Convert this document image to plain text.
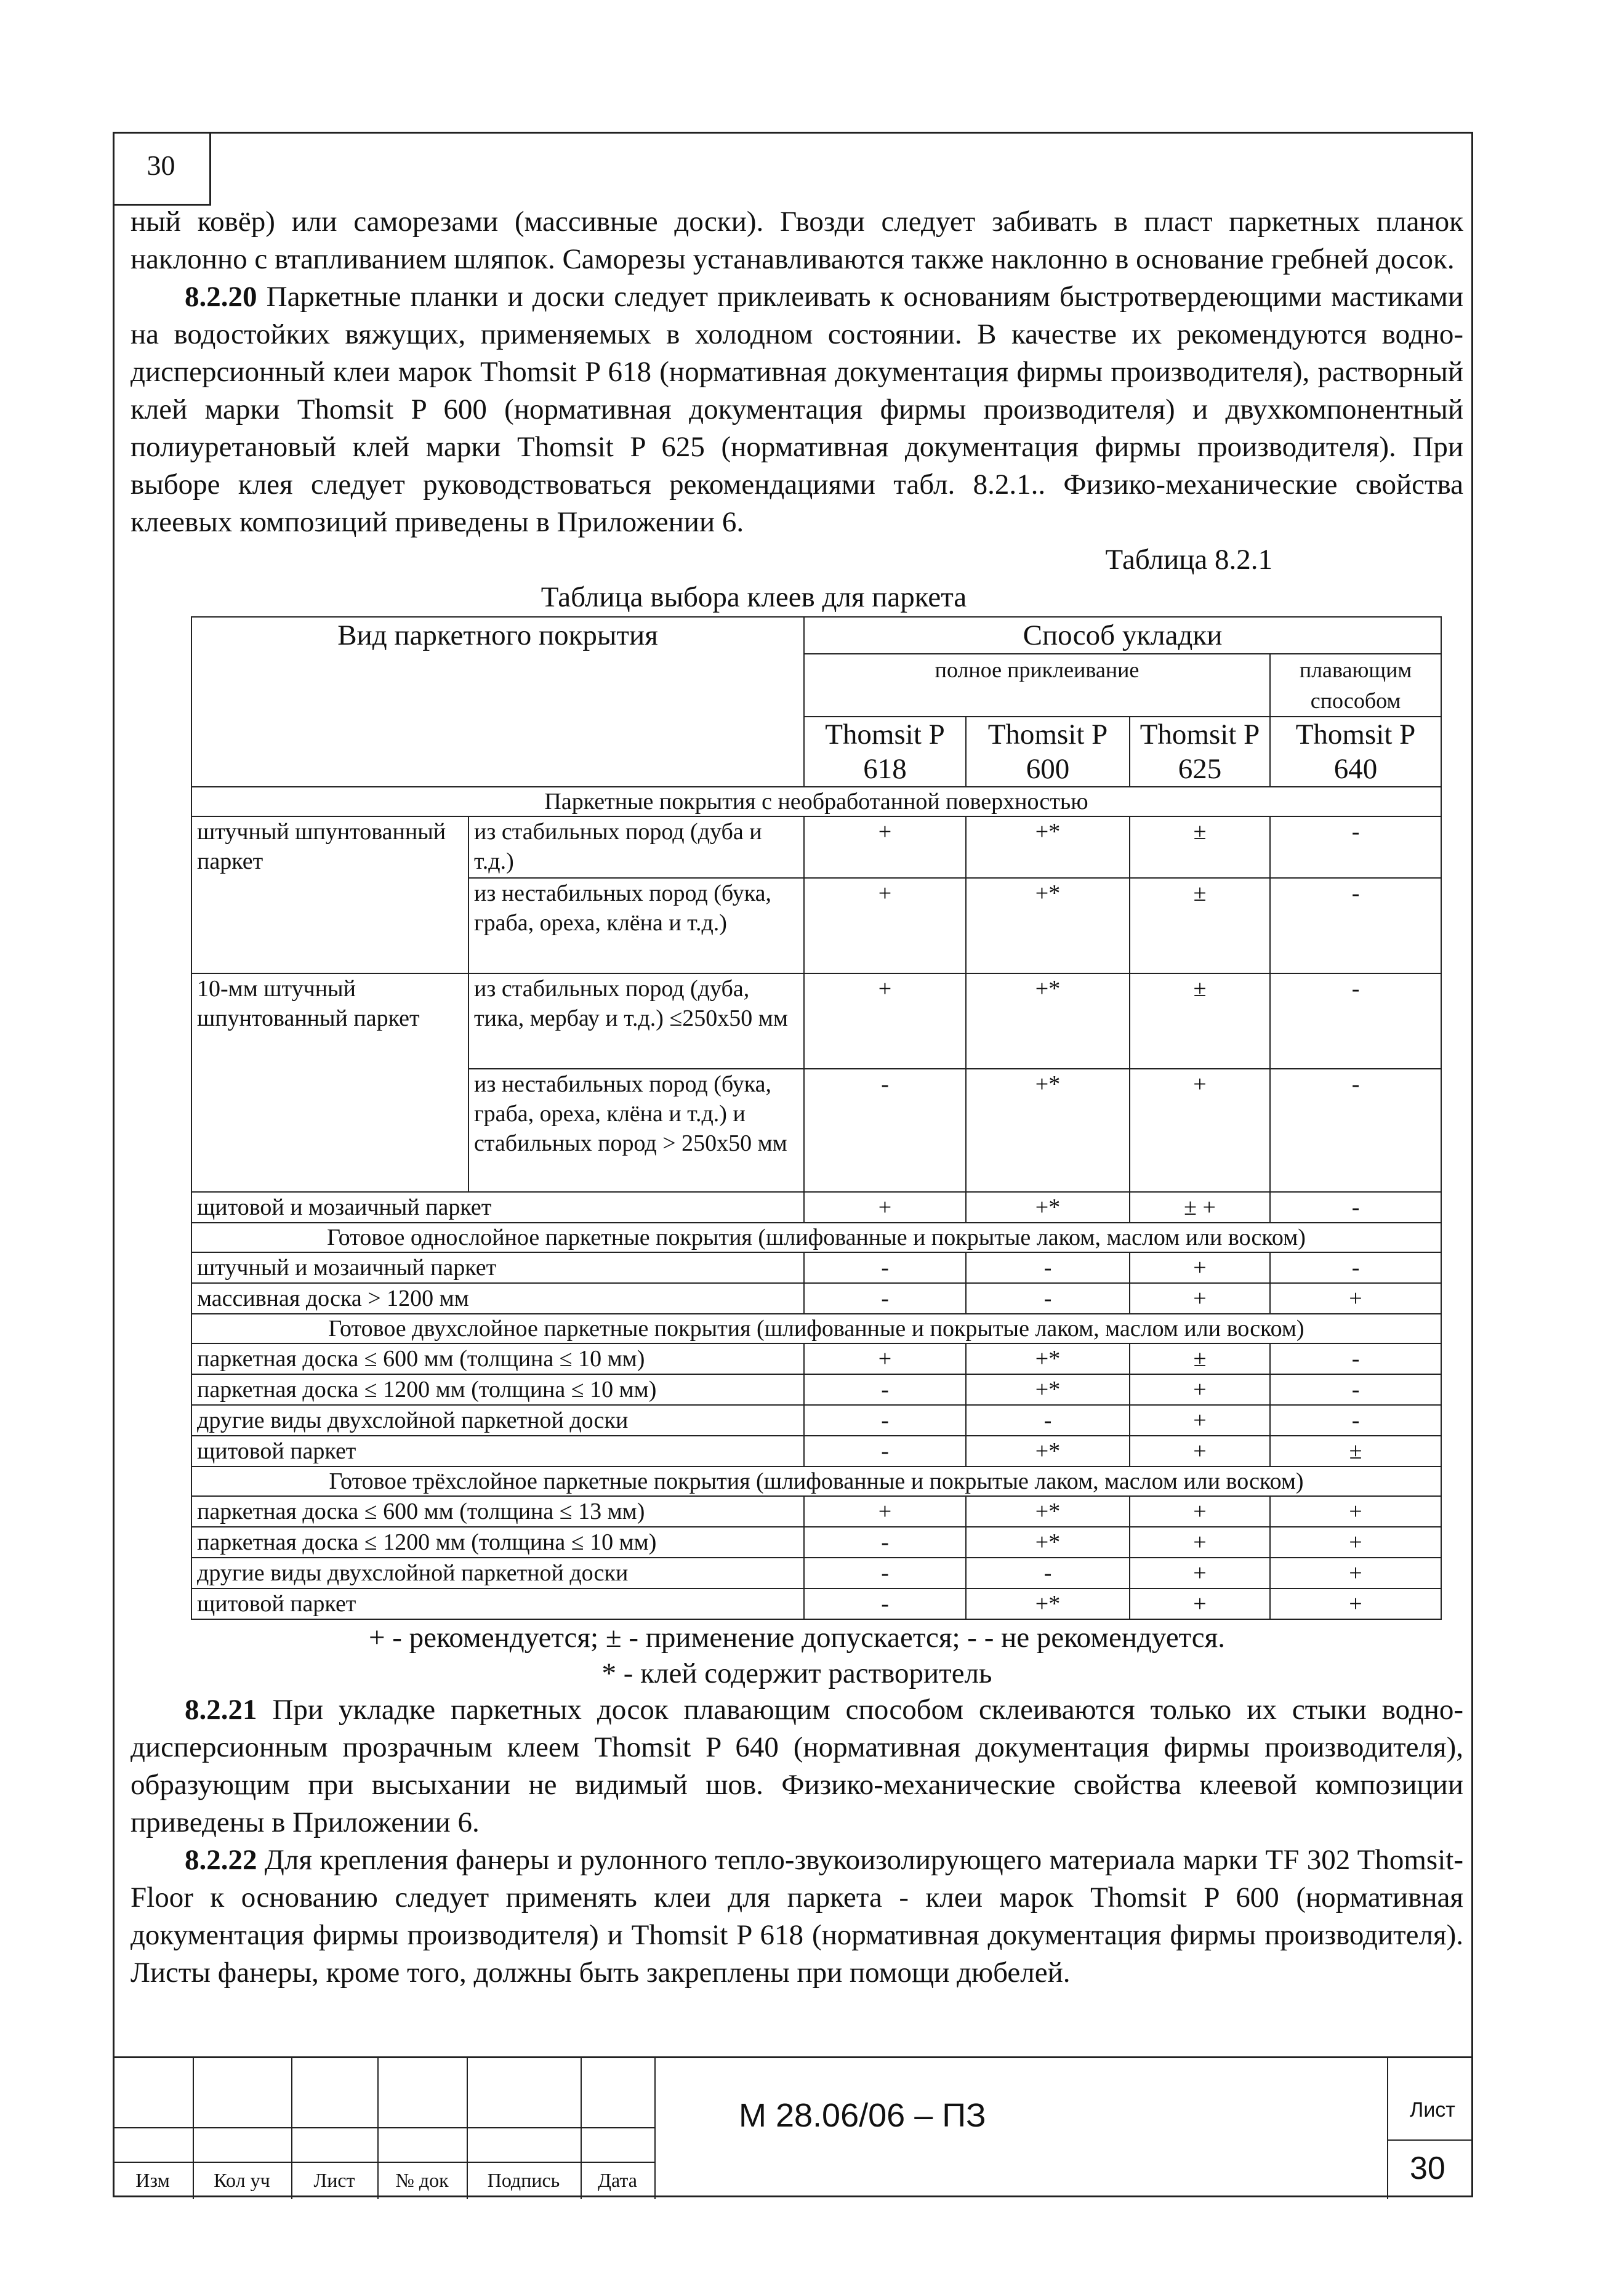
30

ный ковёр) или саморезами (массивные доски). Гвозди следует забивать в пласт паркетных планок наклонно с втапливанием шляпок. Саморезы устанавливаются также наклонно в основание гребней досок.

8.2.20 Паркетные планки и доски следует приклеивать к основаниям быстротвердеющими мастиками на водостойких вяжущих, применяемых в холодном состоянии. В качестве их рекомендуются водно-дисперсионный клеи марок Thomsit P 618 (нормативная документация фирмы производителя), растворный клей марки Thomsit P 600 (нормативная документация фирмы производителя) и двухкомпонентный полиуретановый клей марки Thomsit P 625 (нормативная документация фирмы производителя). При выборе клея следует руководствоваться рекомендациями табл. 8.2.1.. Физико-механические свойства клеевых композиций приведены в Приложении 6.

Таблица 8.2.1

Таблица выбора клеев для паркета

Вид паркетного покрытия		Способ укладки			
		полное приклеивание			плавающим способом
		Thomsit P 618	Thomsit P 600	Thomsit P 625	Thomsit P 640
Паркетные покрытия с необработанной поверхностью					
штучный шпунтованный паркет	из стабильных пород (дуба и т.д.)	+	+*	±	-
	из нестабильных пород (бука, граба, ореха, клёна и т.д.)	+	+*	±	-
10-мм штучный шпунтованный паркет	из стабильных пород (дуба, тика, мербау и т.д.) ≤250х50 мм	+	+*	±	-
	из нестабильных пород (бука, граба, ореха, клёна и т.д.) и стабильных пород > 250х50 мм	-	+*	+	-
щитовой и мозаичный паркет		+	+*	± +	-
Готовое однослойное паркетные покрытия (шлифованные и покрытые лаком, маслом или воском)					
штучный и мозаичный паркет		-	-	+	-
массивная доска > 1200 мм		-	-	+	+
Готовое двухслойное паркетные покрытия (шлифованные и покрытые лаком, маслом или воском)					
паркетная доска ≤ 600 мм (толщина ≤ 10 мм)		+	+*	±	-
паркетная доска ≤ 1200 мм (толщина ≤ 10 мм)		-	+*	+	-
другие виды двухслойной паркетной доски		-	-	+	-
щитовой паркет		-	+*	+	±
Готовое трёхслойное паркетные покрытия (шлифованные и покрытые лаком, маслом или воском)					
паркетная доска ≤ 600 мм (толщина ≤ 13 мм)		+	+*	+	+
паркетная доска ≤ 1200 мм (толщина ≤ 10 мм)		-	+*	+	+
другие виды двухслойной паркетной доски		-	-	+	+
щитовой паркет		-	+*	+	+

+ - рекомендуется; ± - применение допускается; - - не рекомендуется.

* - клей содержит растворитель

8.2.21 При укладке паркетных досок плавающим способом склеиваются только их стыки водно-дисперсионным прозрачным клеем Thomsit P 640 (нормативная документация фирмы производителя), образующим при высыхании не видимый шов. Физико-механические свойства клеевой композиции приведены в Приложении 6.

8.2.22 Для крепления фанеры и рулонного тепло-звукоизолирующего материала марки TF 302 Thomsit-Floor к основанию следует применять клеи для паркета - клеи марок Thomsit P 600 (нормативная документация фирмы производителя) и Thomsit P 618 (нормативная документация фирмы производителя). Листы фанеры, кроме того, должны быть закреплены при помощи дюбелей.

Изм	Кол уч	Лист	№ док	Подпись	Дата
М 28.06/06 – ПЗ	Лист
30
